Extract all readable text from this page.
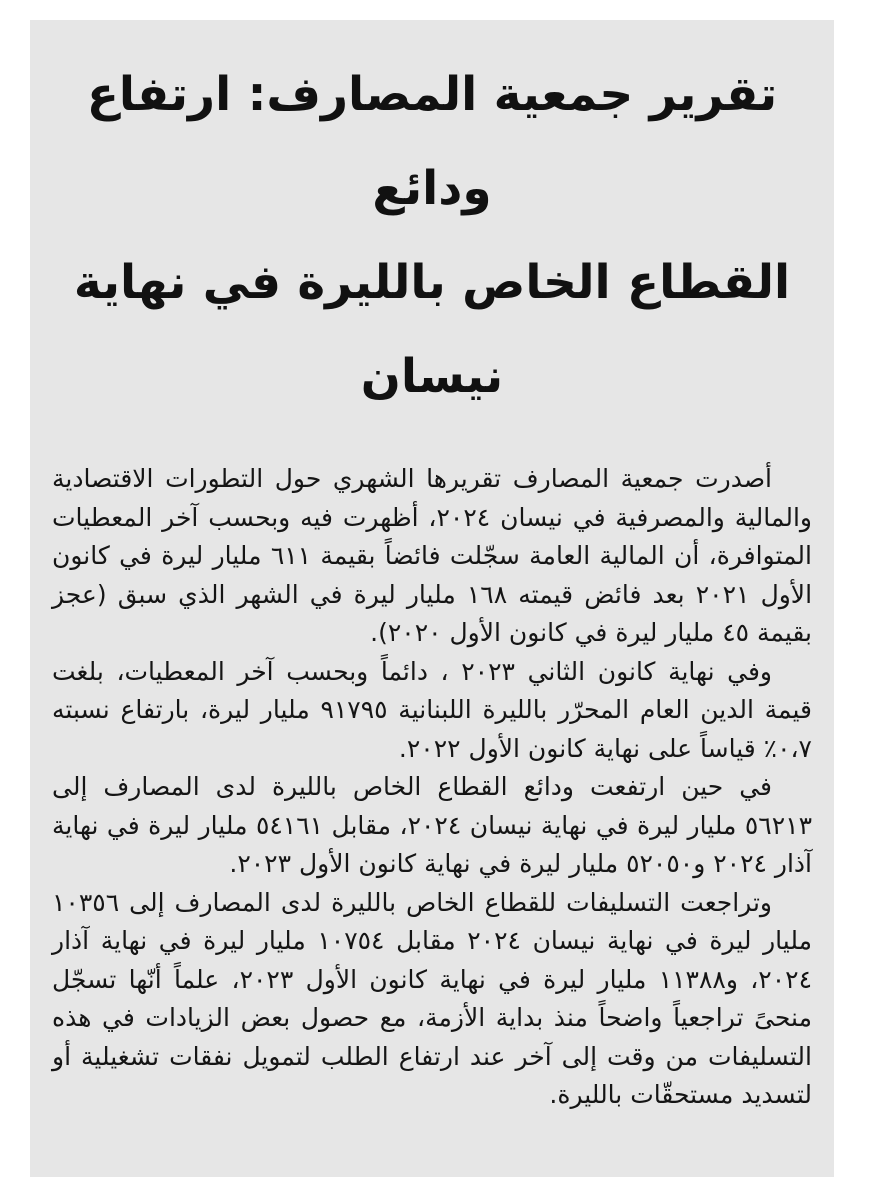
تقرير جمعية المصارف: ارتفاع ودائع
القطاع الخاص بالليرة في نهاية نيسان

أصدرت جمعية المصارف تقريرها الشهري حول التطورات الاقتصادية والمالية والمصرفية في نيسان ٢٠٢٤، أظهرت فيه وبحسب آخر المعطيات المتوافرة، أن المالية العامة سجّلت فائضاً بقيمة ٦١١ مليار ليرة في كانون الأول ٢٠٢١ بعد فائض قيمته ١٦٨ مليار ليرة في الشهر الذي سبق (عجز بقيمة ٤٥ مليار ليرة في كانون الأول ٢٠٢٠).

وفي نهاية كانون الثاني ٢٠٢٣ ، دائماً وبحسب آخر المعطيات، بلغت قيمة الدين العام المحرّر بالليرة اللبنانية ٩١٧٩٥ مليار ليرة، بارتفاع نسبته ٠،٧٪ قياساً على نهاية كانون الأول ٢٠٢٢.

في حين ارتفعت ودائع القطاع الخاص بالليرة لدى المصارف إلى ٥٦٢١٣ مليار ليرة في نهاية نيسان ٢٠٢٤، مقابل ٥٤١٦١ مليار ليرة في نهاية آذار ٢٠٢٤ و٥٢٠٥٠ مليار ليرة في نهاية كانون الأول ٢٠٢٣.

وتراجعت التسليفات للقطاع الخاص بالليرة لدى المصارف إلى ١٠٣٥٦ مليار ليرة في نهاية نيسان ٢٠٢٤ مقابل ١٠٧٥٤ مليار ليرة في نهاية آذار ٢٠٢٤، و١١٣٨٨ مليار ليرة في نهاية كانون الأول ٢٠٢٣، علماً أنّها تسجّل منحىً تراجعياً واضحاً منذ بداية الأزمة، مع حصول بعض الزيادات في هذه التسليفات من وقت إلى آخر عند ارتفاع الطلب لتمويل نفقات تشغيلية أو لتسديد مستحقّات بالليرة.
